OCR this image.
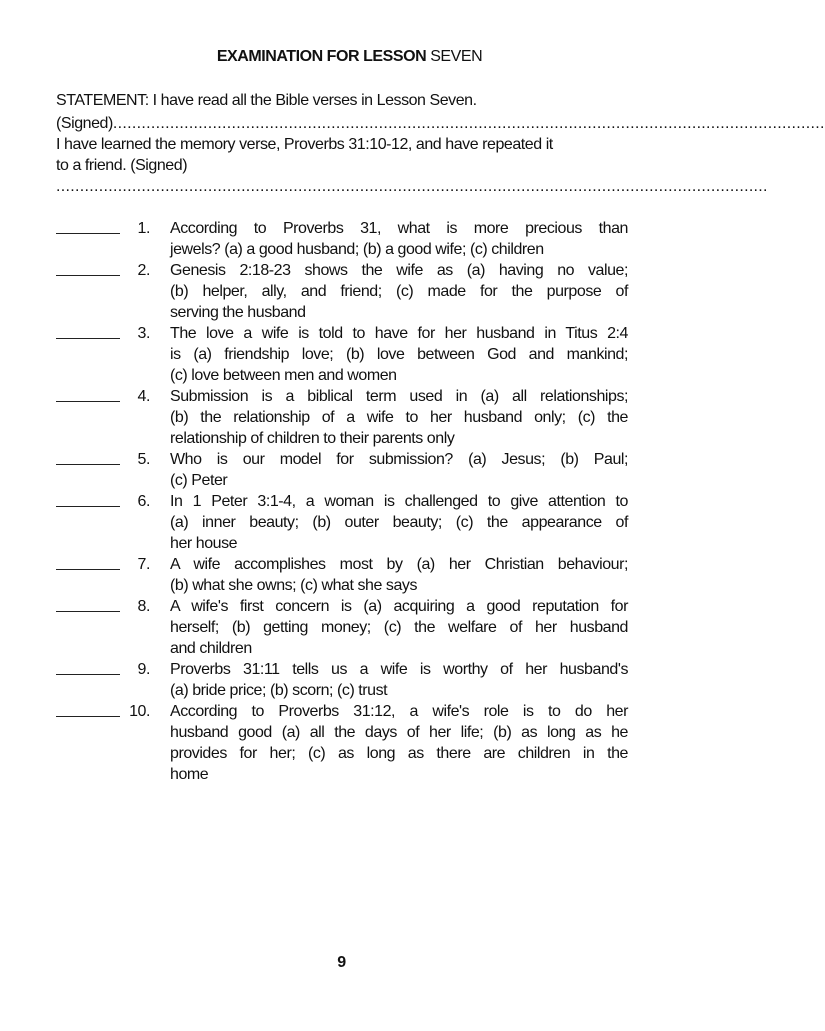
EXAMINATION FOR LESSON SEVEN
STATEMENT: I have read all the Bible verses in Lesson Seven.
(Signed) ......................................................................................................................................................
I have learned the memory verse, Proverbs 31:10-12, and have repeated it
to a friend. (Signed)
......................................................................................................................................................
1. According to Proverbs 31, what is more precious than
jewels? (a) a good husband; (b) a good wife; (c) children
2. Genesis 2:18-23 shows the wife as (a) having no value;
(b) helper, ally, and friend; (c) made for the purpose of
serving the husband
3. The love a wife is told to have for her husband in Titus 2:4
is (a) friendship love; (b) love between God and mankind;
(c) love between men and women
4. Submission is a biblical term used in (a) all relationships;
(b) the relationship of a wife to her husband only; (c) the
relationship of children to their parents only
5. Who is our model for submission? (a) Jesus; (b) Paul;
(c) Peter
6. In 1 Peter 3:1-4, a woman is challenged to give attention to
(a) inner beauty; (b) outer beauty; (c) the appearance of
her house
7. A wife accomplishes most by (a) her Christian behaviour;
(b) what she owns; (c) what she says
8. A wife's first concern is (a) acquiring a good reputation for
herself; (b) getting money; (c) the welfare of her husband
and children
9. Proverbs 31:11 tells us a wife is worthy of her husband's
(a) bride price; (b) scorn; (c) trust
10. According to Proverbs 31:12, a wife's role is to do her
husband good (a) all the days of her life; (b) as long as he
provides for her; (c) as long as there are children in the
home
9
